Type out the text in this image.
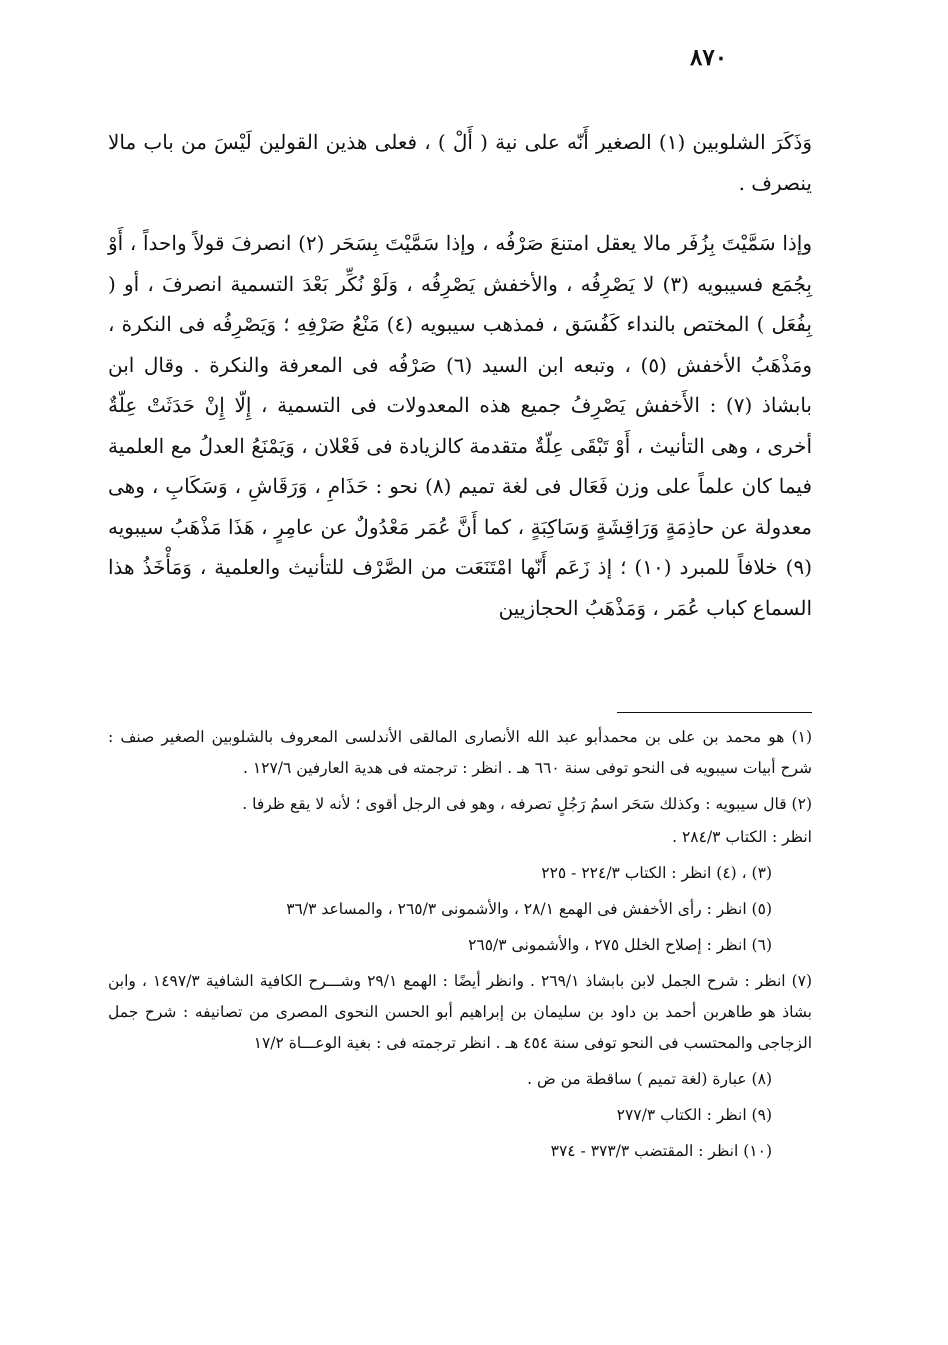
٨٧٠

وَذَكَرَ الشلوبين (١) الصغير أَنّه على نية ( أَلْ ) ، فعلى هذين القولين لَيْسَ من باب مالا ينصرف .

وإذا سَمَّيْتَ بِزُفَر مالا يعقل امتنعَ صَرْفُه ، وإذا سَمَّيْتَ بِسَحَر (٢) انصرفَ قولاً واحداً ، أَوْ بِجُمَع فسيبويه (٣) لا يَصْرِفُه ، والأخفش يَصْرِفُه ، وَلَوْ نُكِّر بَعْدَ التسمية انصرفَ ، أو ( بِفُعَل ) المختص بالنداء كَفُسَق ، فمذهب سيبويه (٤) مَنْعُ صَرْفِهِ ؛ وَيَصْرِفُه فى النكرة ، ومَذْهَبُ الأخفش (٥) ، وتبعه ابن السيد (٦) صَرْفُه فى المعرفة والنكرة . وقال ابن بابشاذ (٧) : الأَخفش يَصْرِفُ جميع هذه المعدولات فى التسمية ، إِلّا إِنْ حَدَثَتْ عِلّةٌ أخرى ، وهى التأنيث ، أَوْ تَبْقَى عِلّةٌ متقدمة كالزيادة فى فَعْلان ، وَيَمْنَعُ العدلُ مع العلمية فيما كان علماً على وزن فَعَال فى لغة تميم (٨) نحو : حَذَامِ ، وَرَقَاشِ ، وَسَكَابِ ، وهى معدولة عن حاذِمَةٍ وَرَاقِشَةٍ وَسَاكِبَةٍ ، كما أَنَّ عُمَر مَعْدُولٌ عن عامِرٍ ، هَذَا مَذْهَبُ سيبويه (٩) خلافاً للمبرد (١٠) ؛ إذ زَعَم أَنّها امْتَنَعَت من الصَّرْف للتأنيث والعلمية ، وَمَأْخَذُ هذا السماع كباب عُمَر ، وَمَذْهَبُ الحجازيين

(١) هو محمد بن على بن محمدأبو عبد الله الأنصارى المالقى الأندلسى المعروف بالشلوبين الصغير صنف : شرح أبيات سيبويه فى النحو توفى سنة ٦٦٠ هـ . انظر : ترجمته فى هدية العارفين ١٢٧/٦ .

(٢) قال سيبويه : وكذلك سَحَر اسمُ رَجُلٍ تصرفه ، وهو فى الرجل أقوى ؛ لأنه لا يقع ظرفا .

انظر : الكتاب ٢٨٤/٣ .

(٣) ، (٤) انظر : الكتاب ٢٢٤/٣ - ٢٢٥

(٥) انظر : رأى الأخفش فى الهمع ٢٨/١ ، والأشمونى ٢٦٥/٣ ، والمساعد ٣٦/٣

(٦) انظر : إصلاح الخلل ٢٧٥ ، والأشمونى ٢٦٥/٣

(٧) انظر : شرح الجمل لابن بابشاذ ٢٦٩/١ . وانظر أيضًا : الهمع ٢٩/١ وشـــرح الكافية الشافية ١٤٩٧/٣ ، وابن بشاذ هو طاهربن أحمد بن داود بن سليمان بن إبراهيم أبو الحسن النحوى المصرى من تصانيفه : شرح جمل الزجاجى والمحتسب فى النحو توفى سنة ٤٥٤ هـ . انظر ترجمته فى : بغية الوعـــاة ١٧/٢

(٨) عبارة (لغة تميم ) ساقطة من ض .

(٩) انظر : الكتاب ٢٧٧/٣

(١٠) انظر : المقتضب ٣٧٣/٣ - ٣٧٤
